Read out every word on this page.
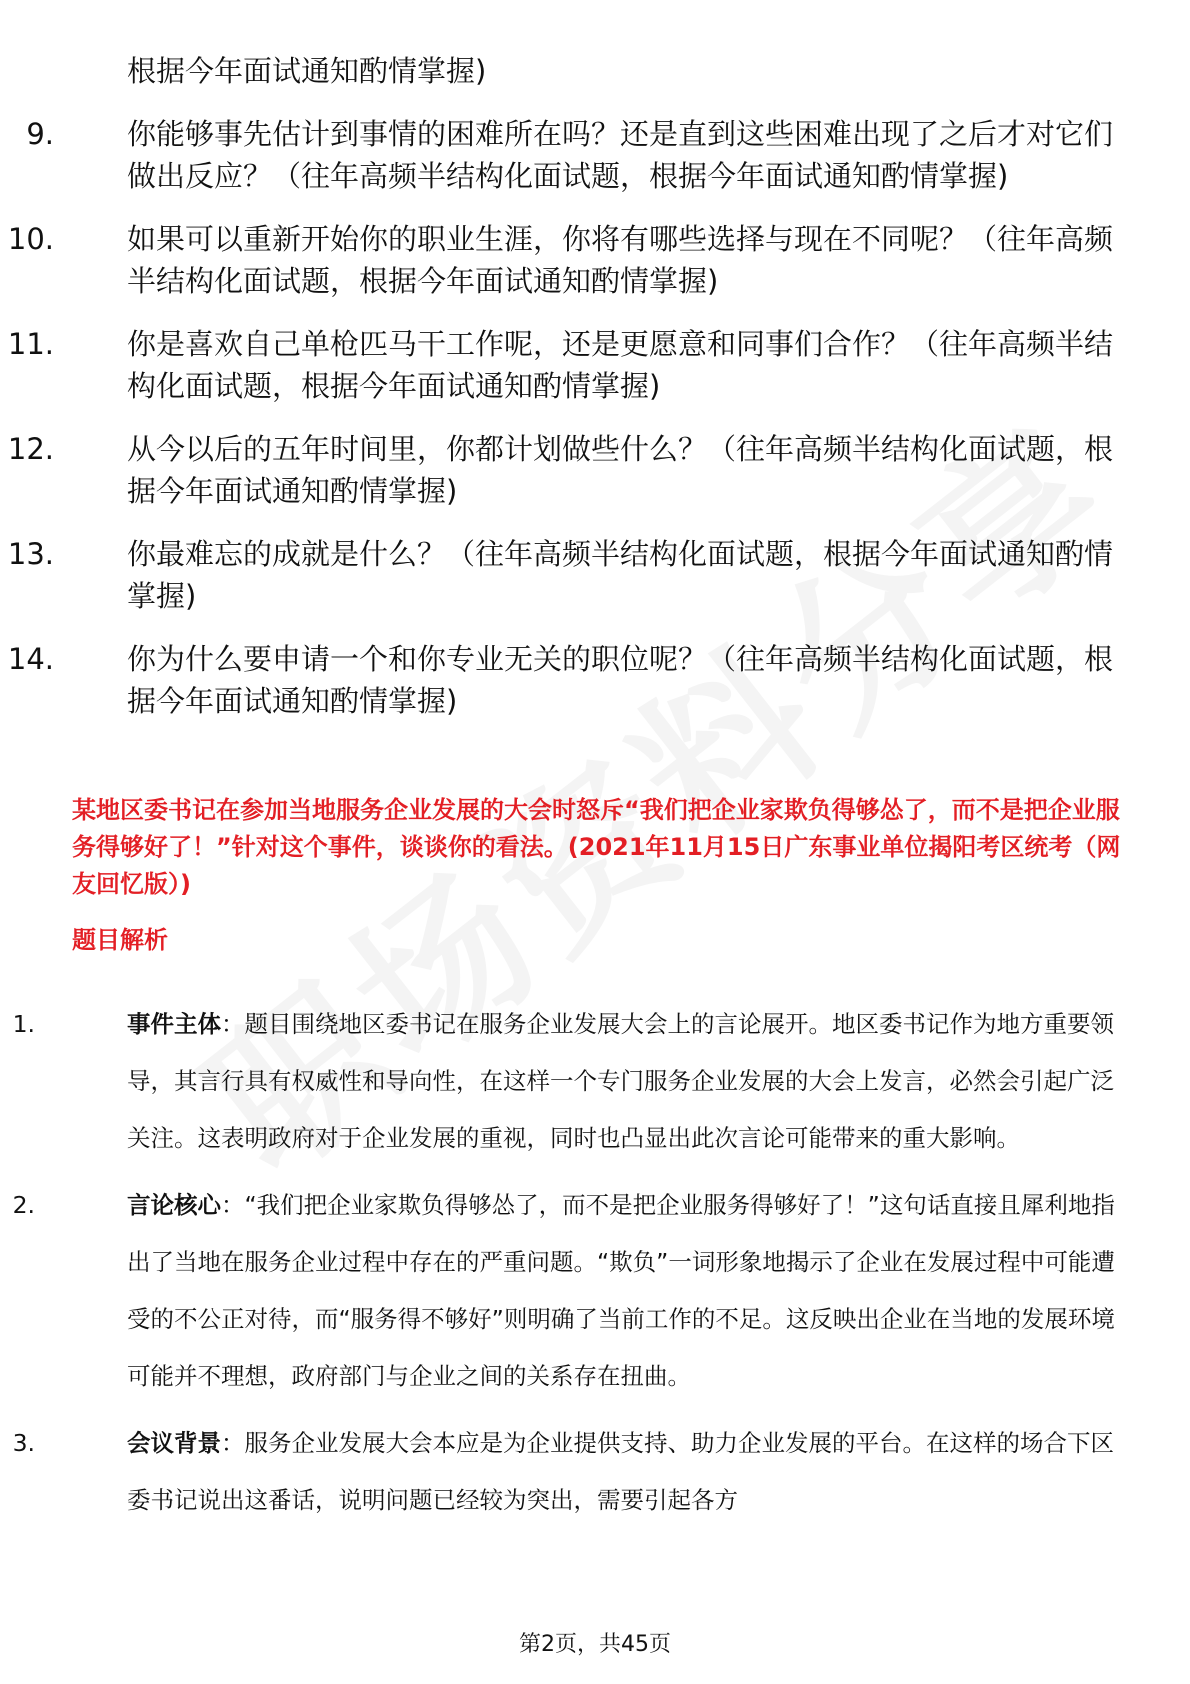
根据今年面试通知酌情掌握)
9.	你能够事先估计到事情的困难所在吗？还是直到这些困难出现了之后才对它们做出反应？（往年高频半结构化面试题，根据今年面试通知酌情掌握)
10.	如果可以重新开始你的职业生涯，你将有哪些选择与现在不同呢？（往年高频半结构化面试题，根据今年面试通知酌情掌握)
11.	你是喜欢自己单枪匹马干工作呢，还是更愿意和同事们合作？（往年高频半结构化面试题，根据今年面试通知酌情掌握)
12.	从今以后的五年时间里，你都计划做些什么？（往年高频半结构化面试题，根据今年面试通知酌情掌握)
13.	你最难忘的成就是什么？（往年高频半结构化面试题，根据今年面试通知酌情掌握)
14.	你为什么要申请一个和你专业无关的职位呢？（往年高频半结构化面试题，根据今年面试通知酌情掌握)
某地区委书记在参加当地服务企业发展的大会时怒斥“我们把企业家欺负得够怂了，而不是把企业服务得够好了！”针对这个事件，谈谈你的看法。(2021年11月15日广东事业单位揭阳考区统考（网友回忆版）)
题目解析
1.	事件主体：题目围绕地区委书记在服务企业发展大会上的言论展开。地区委书记作为地方重要领导，其言行具有权威性和导向性，在这样一个专门服务企业发展的大会上发言，必然会引起广泛关注。这表明政府对于企业发展的重视，同时也凸显出此次言论可能带来的重大影响。
2.	言论核心：“我们把企业家欺负得够怂了，而不是把企业服务得够好了！”这句话直接且犀利地指出了当地在服务企业过程中存在的严重问题。“欺负”一词形象地揭示了企业在发展过程中可能遭受的不公正对待，而“服务得不够好”则明确了当前工作的不足。这反映出企业在当地的发展环境可能并不理想，政府部门与企业之间的关系存在扭曲。
3.	会议背景：服务企业发展大会本应是为企业提供支持、助力企业发展的平台。在这样的场合下区委书记说出这番话，说明问题已经较为突出，需要引起各方
第2页，共45页
